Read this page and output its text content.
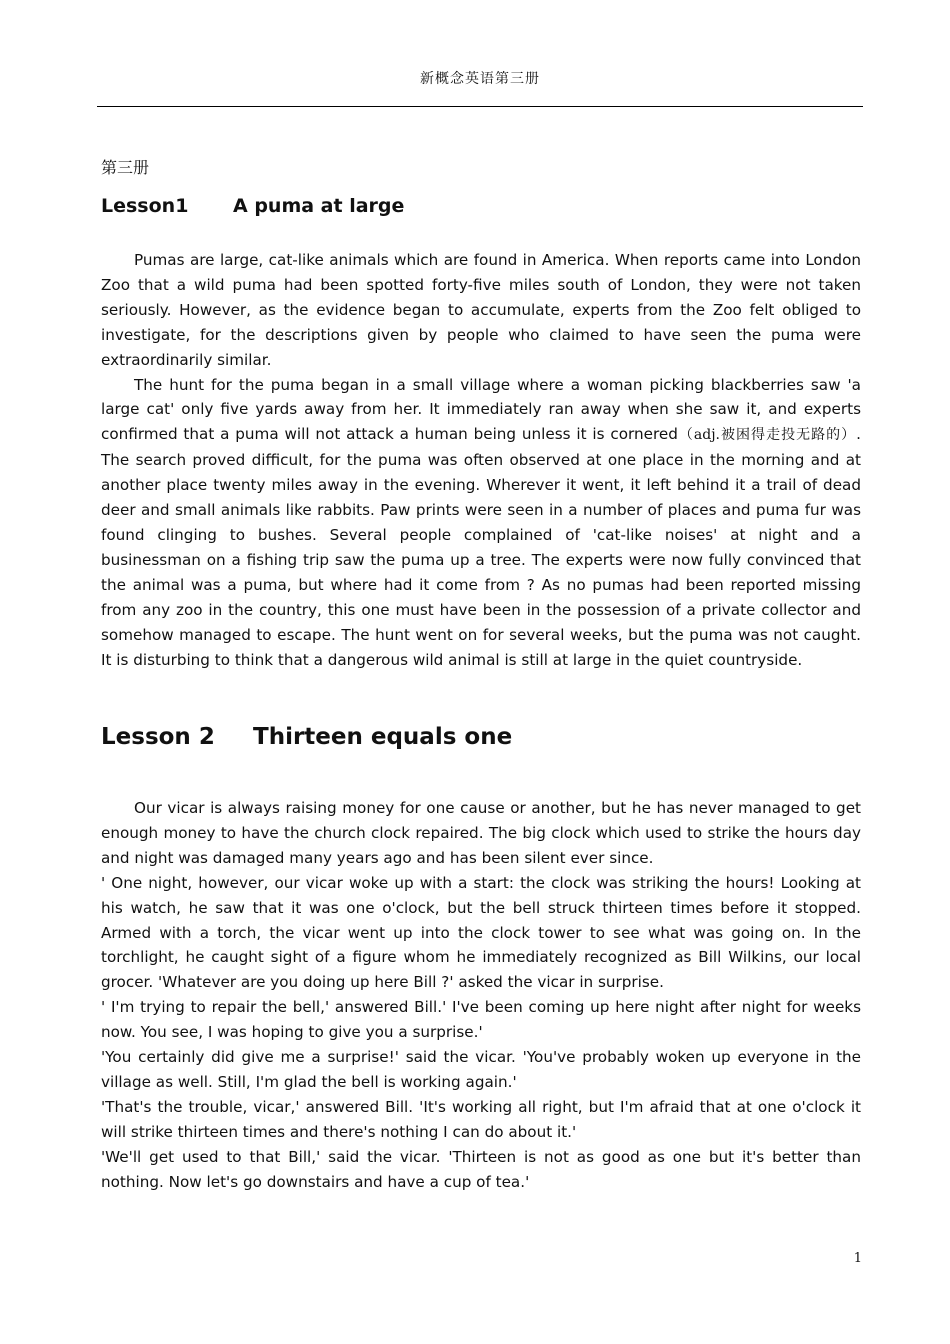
新概念英语第三册
第三册
Lesson1 A puma at large

Pumas are large, cat-like animals which are found in America. When reports came into London Zoo that a wild puma had been spotted forty-five miles south of London, they were not taken seriously. However, as the evidence began to accumulate, experts from the Zoo felt obliged to investigate, for the descriptions given by people who claimed to have seen the puma were extraordinarily similar.

The hunt for the puma began in a small village where a woman picking blackberries saw 'a large cat' only five yards away from her. It immediately ran away when she saw it, and experts confirmed that a puma will not attack a human being unless it is cornered（adj.被困得走投无路的）. The search proved difficult, for the puma was often observed at one place in the morning and at another place twenty miles away in the evening. Wherever it went, it left behind it a trail of dead deer and small animals like rabbits. Paw prints were seen in a number of places and puma fur was found clinging to bushes. Several people complained of 'cat-like noises' at night and a businessman on a fishing trip saw the puma up a tree. The experts were now fully convinced that the animal was a puma, but where had it come from ? As no pumas had been reported missing from any zoo in the country, this one must have been in the possession of a private collector and somehow managed to escape. The hunt went on for several weeks, but the puma was not caught. It is disturbing to think that a dangerous wild animal is still at large in the quiet countryside.

Lesson 2 Thirteen equals one

Our vicar is always raising money for one cause or another, but he has never managed to get enough money to have the church clock repaired. The big clock which used to strike the hours day and night was damaged many years ago and has been silent ever since.

' One night, however, our vicar woke up with a start: the clock was striking the hours! Looking at his watch, he saw that it was one o'clock, but the bell struck thirteen times before it stopped. Armed with a torch, the vicar went up into the clock tower to see what was going on. In the torchlight, he caught sight of a figure whom he immediately recognized as Bill Wilkins, our local grocer. 'Whatever are you doing up here Bill ?' asked the vicar in surprise.

' I'm trying to repair the bell,' answered Bill.' I've been coming up here night after night for weeks now. You see, I was hoping to give you a surprise.'

'You certainly did give me a surprise!' said the vicar. 'You've probably woken up everyone in the village as well. Still, I'm glad the bell is working again.'

'That's the trouble, vicar,' answered Bill. 'It's working all right, but I'm afraid that at one o'clock it will strike thirteen times and there's nothing I can do about it.'

'We'll get used to that Bill,' said the vicar. 'Thirteen is not as good as one but it's better than nothing. Now let's go downstairs and have a cup of tea.'

1
